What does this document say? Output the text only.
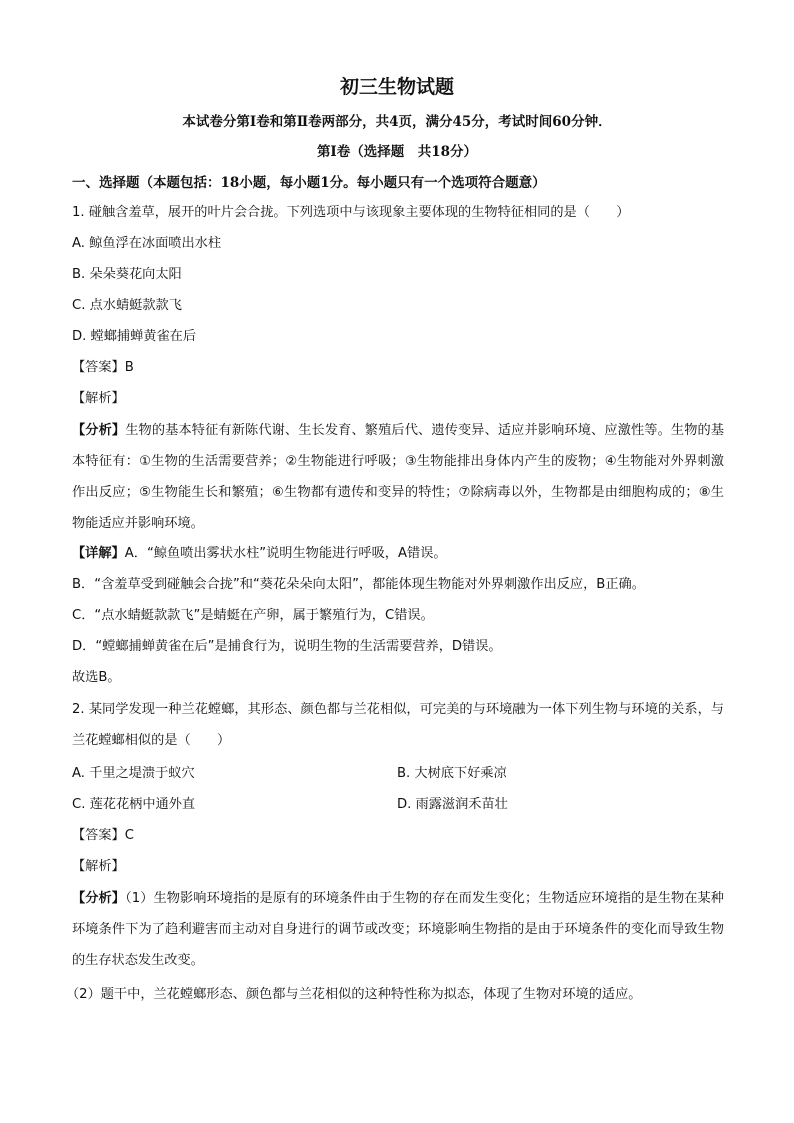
初三生物试题
本试卷分第Ⅰ卷和第Ⅱ卷两部分，共4页，满分45分，考试时间60分钟．
第Ⅰ卷（选择题　共18分）
一、选择题（本题包括：18小题，每小题1分。每小题只有一个选项符合题意）
1. 碰触含羞草，展开的叶片会合拢。下列选项中与该现象主要体现的生物特征相同的是（　　）
A. 鲸鱼浮在冰面喷出水柱
B. 朵朵葵花向太阳
C. 点水蜻蜓款款飞
D. 螳螂捕蝉黄雀在后
【答案】B
【解析】
【分析】生物的基本特征有新陈代谢、生长发育、繁殖后代、遗传变异、适应并影响环境、应激性等。生物的基本特征有：①生物的生活需要营养；②生物能进行呼吸；③生物能排出身体内产生的废物；④生物能对外界刺激作出反应；⑤生物能生长和繁殖；⑥生物都有遗传和变异的特性；⑦除病毒以外，生物都是由细胞构成的；⑧生物能适应并影响环境。
【详解】A．“鲸鱼喷出雾状水柱”说明生物能进行呼吸，A错误。
B．“含羞草受到碰触会合拢”和“葵花朵朵向太阳”，都能体现生物能对外界刺激作出反应，B正确。
C．“点水蜻蜓款款飞”是蜻蜓在产卵，属于繁殖行为，C错误。
D．“螳螂捕蝉黄雀在后”是捕食行为，说明生物的生活需要营养，D错误。
故选B。
2. 某同学发现一种兰花螳螂，其形态、颜色都与兰花相似，可完美的与环境融为一体下列生物与环境的关系，与兰花螳螂相似的是（　　）
A. 千里之堤溃于蚁穴	B. 大树底下好乘凉
C. 莲花花柄中通外直	D. 雨露滋润禾苗壮
【答案】C
【解析】
【分析】（1）生物影响环境指的是原有的环境条件由于生物的存在而发生变化；生物适应环境指的是生物在某种环境条件下为了趋利避害而主动对自身进行的调节或改变；环境影响生物指的是由于环境条件的变化而导致生物的生存状态发生改变。
（2）题干中，兰花螳螂形态、颜色都与兰花相似的这种特性称为拟态，体现了生物对环境的适应。
